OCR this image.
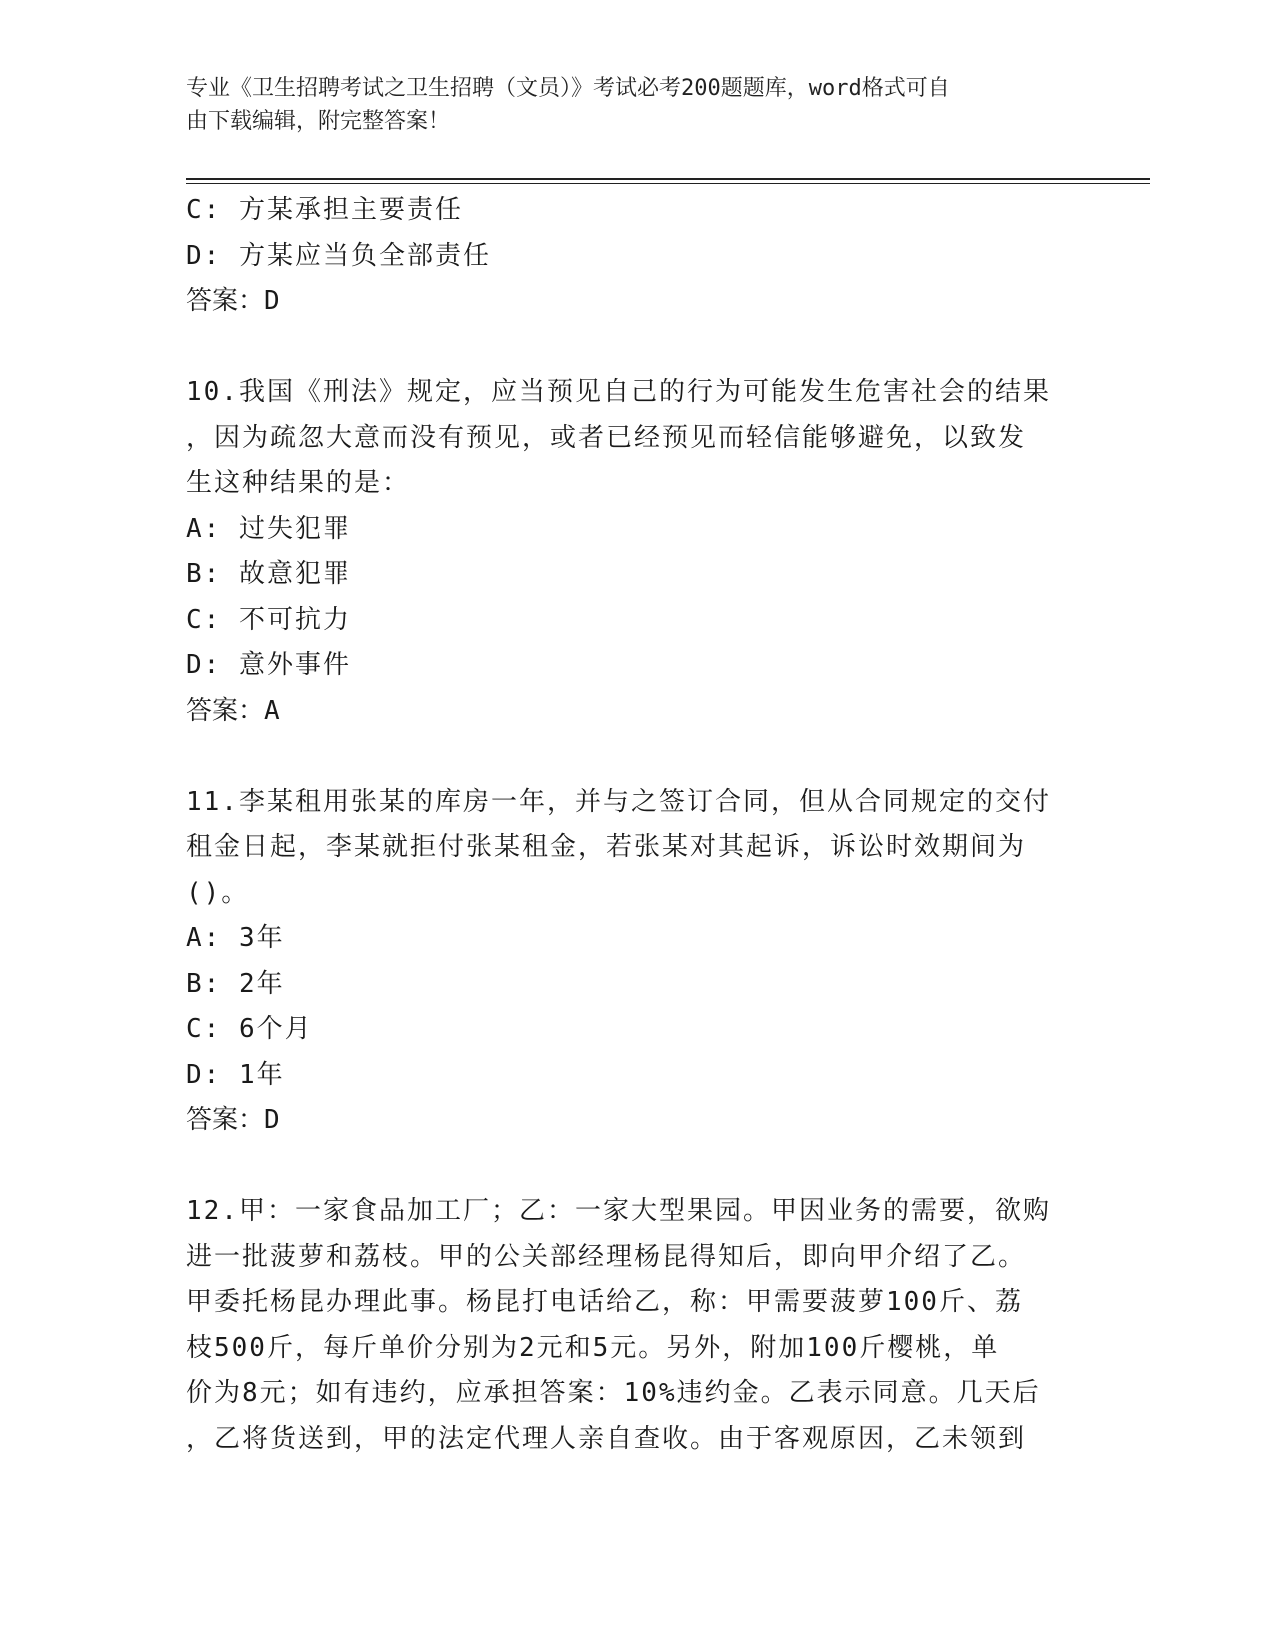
专业《卫生招聘考试之卫生招聘（文员）》考试必考200题题库，word格式可自
由下载编辑，附完整答案！
C: 方某承担主要责任
D: 方某应当负全部责任
答案：D
10.我国《刑法》规定，应当预见自己的行为可能发生危害社会的结果
，因为疏忽大意而没有预见，或者已经预见而轻信能够避免，以致发
生这种结果的是：
A: 过失犯罪
B: 故意犯罪
C: 不可抗力
D: 意外事件
答案：A
11.李某租用张某的库房一年，并与之签订合同，但从合同规定的交付
租金日起，李某就拒付张某租金，若张某对其起诉，诉讼时效期间为
()。
A: 3年
B: 2年
C: 6个月
D: 1年
答案：D
12.甲：一家食品加工厂；乙：一家大型果园。甲因业务的需要，欲购
进一批菠萝和荔枝。甲的公关部经理杨昆得知后，即向甲介绍了乙。
甲委托杨昆办理此事。杨昆打电话给乙，称：甲需要菠萝100斤、荔
枝500斤，每斤单价分别为2元和5元。另外，附加100斤樱桃，单
价为8元；如有违约，应承担答案：10%违约金。乙表示同意。几天后
，乙将货送到，甲的法定代理人亲自查收。由于客观原因，乙未领到
